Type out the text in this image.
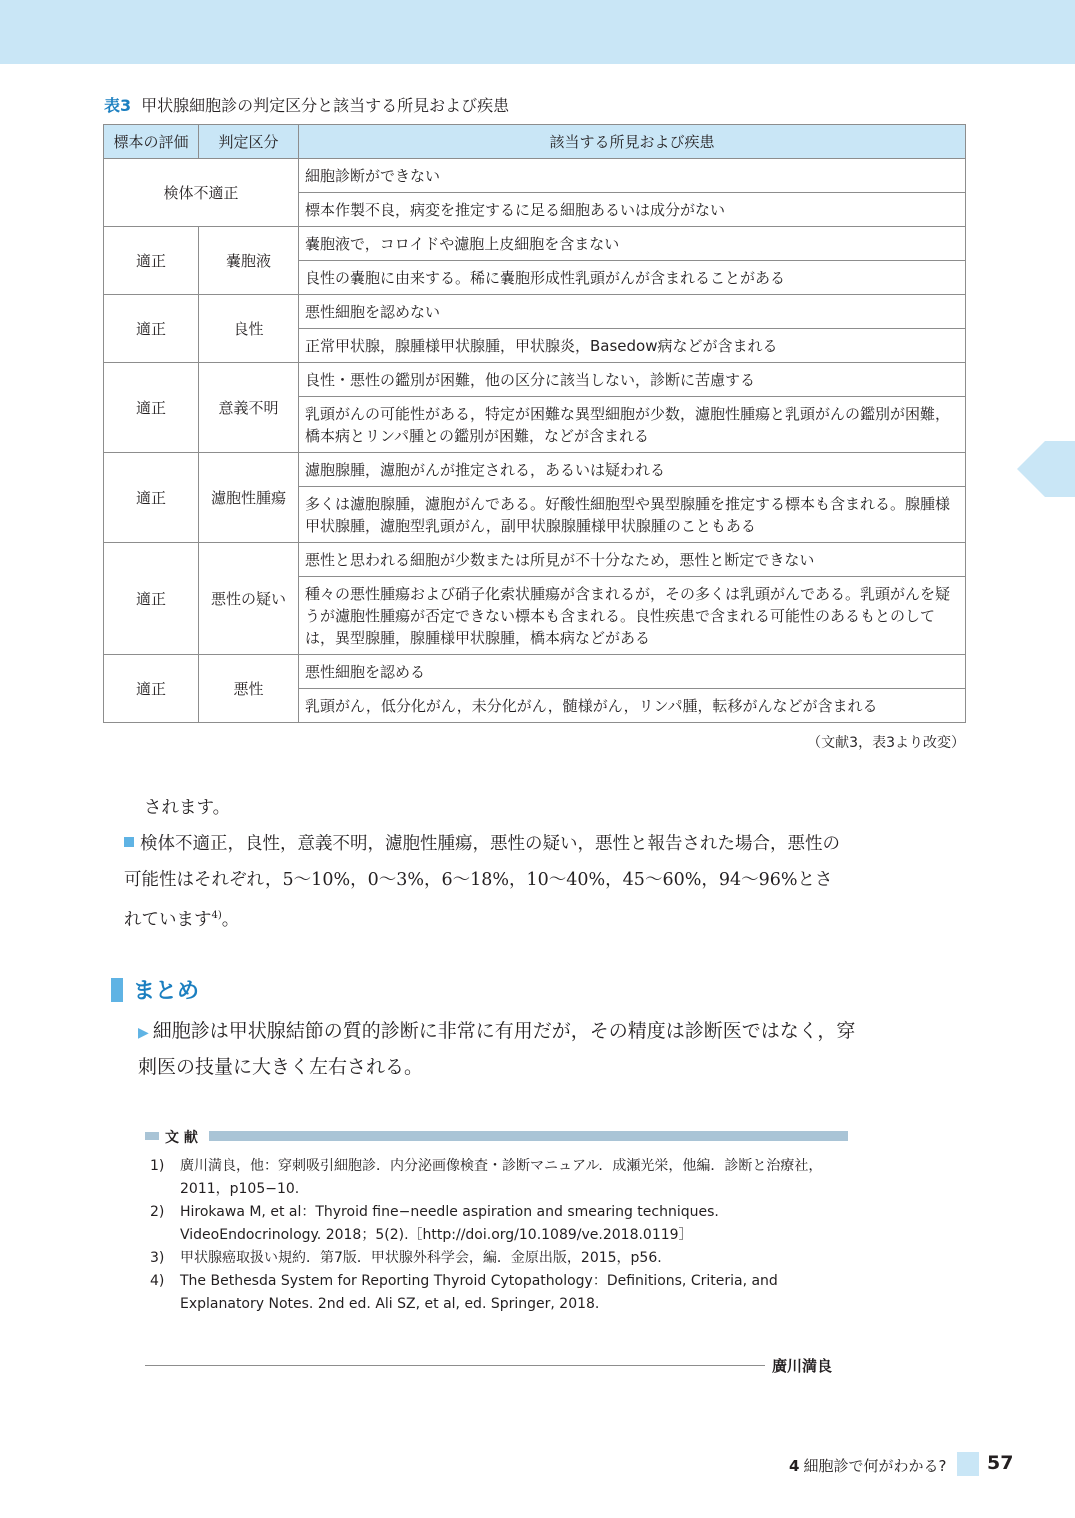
表3 甲状腺細胞診の判定区分と該当する所見および疾患
標本の評価	判定区分	該当する所見および疾患
検体不適正		細胞診断ができない
		標本作製不良，病変を推定するに足る細胞あるいは成分がない
適正	嚢胞液	嚢胞液で，コロイドや濾胞上皮細胞を含まない
		良性の嚢胞に由来する。稀に嚢胞形成性乳頭がんが含まれることがある
適正	良性	悪性細胞を認めない
		正常甲状腺，腺腫様甲状腺腫，甲状腺炎，Basedow病などが含まれる
適正	意義不明	良性・悪性の鑑別が困難，他の区分に該当しない，診断に苦慮する
		乳頭がんの可能性がある，特定が困難な異型細胞が少数，濾胞性腫瘍と乳頭がんの鑑別が困難，橋本病とリンパ腫との鑑別が困難，などが含まれる
適正	濾胞性腫瘍	濾胞腺腫，濾胞がんが推定される，あるいは疑われる
		多くは濾胞腺腫，濾胞がんである。好酸性細胞型や異型腺腫を推定する標本も含まれる。腺腫様甲状腺腫，濾胞型乳頭がん，副甲状腺腺腫様甲状腺腫のこともある
適正	悪性の疑い	悪性と思われる細胞が少数または所見が不十分なため，悪性と断定できない
		種々の悪性腫瘍および硝子化索状腫瘍が含まれるが，その多くは乳頭がんである。乳頭がんを疑うが濾胞性腫瘍が否定できない標本も含まれる。良性疾患で含まれる可能性のあるもとのしては，異型腺腫，腺腫様甲状腺腫，橋本病などがある
適正	悪性	悪性細胞を認める
		乳頭がん，低分化がん，未分化がん，髄様がん，リンパ腫，転移がんなどが含まれる
（文献3，表3より改変）
されます。
検体不適正，良性，意義不明，濾胞性腫瘍，悪性の疑い，悪性と報告された場合，悪性の可能性はそれぞれ，5～10%，0～3%，6～18%，10～40%，45～60%，94～96%とされています$^{4)}$。
まとめ
▶ 細胞診は甲状腺結節の質的診断に非常に有用だが，その精度は診断医ではなく，穿刺医の技量に大きく左右される。
文 献
1)	廣川満良，他：穿刺吸引細胞診．内分泌画像検査・診断マニュアル．成瀬光栄，他編．診断と治療社，2011，p105−10.
2)	Hirokawa M, et al：Thyroid fine−needle aspiration and smearing techniques. VideoEndocrinology. 2018；5(2).［http://doi.org/10.1089/ve.2018.0119］
3)	甲状腺癌取扱い規約．第7版．甲状腺外科学会，編．金原出版，2015，p56.
4)	The Bethesda System for Reporting Thyroid Cytopathology：Definitions, Criteria, and Explanatory Notes. 2nd ed. Ali SZ, et al, ed. Springer, 2018.
廣川満良
4 細胞診で何がわかる? 57
